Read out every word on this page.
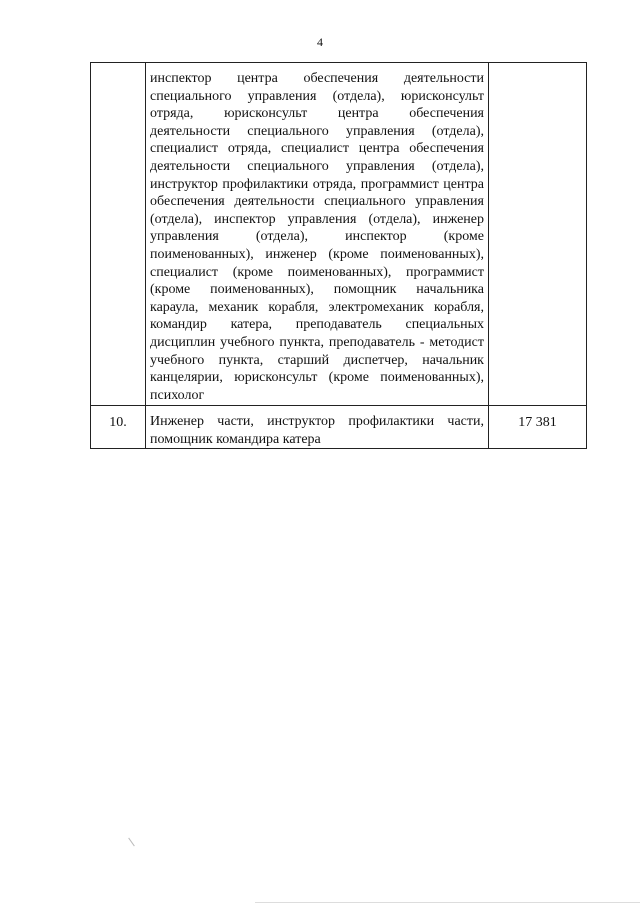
4
	инспектор центра обеспечения деятельности специального управления (отдела), юрисконсульт отряда, юрисконсульт центра обеспечения деятельности специального управления (отдела), специалист отряда, специалист центра обеспечения деятельности специального управления (отдела), инструктор профилактики отряда, программист центра обеспечения деятельности специального управления (отдела), инспектор управления (отдела), инженер управления (отдела), инспектор (кроме поименованных), инженер (кроме поименованных), специалист (кроме поименованных), программист (кроме поименованных), помощник начальника караула, механик корабля, электромеханик корабля, командир катера, преподаватель специальных дисциплин учебного пункта, преподаватель - методист учебного пункта, старший диспетчер, начальник канцелярии, юрисконсульт (кроме поименованных), психолог	
10.	Инженер части, инструктор профилактики части, помощник командира катера	17 381
